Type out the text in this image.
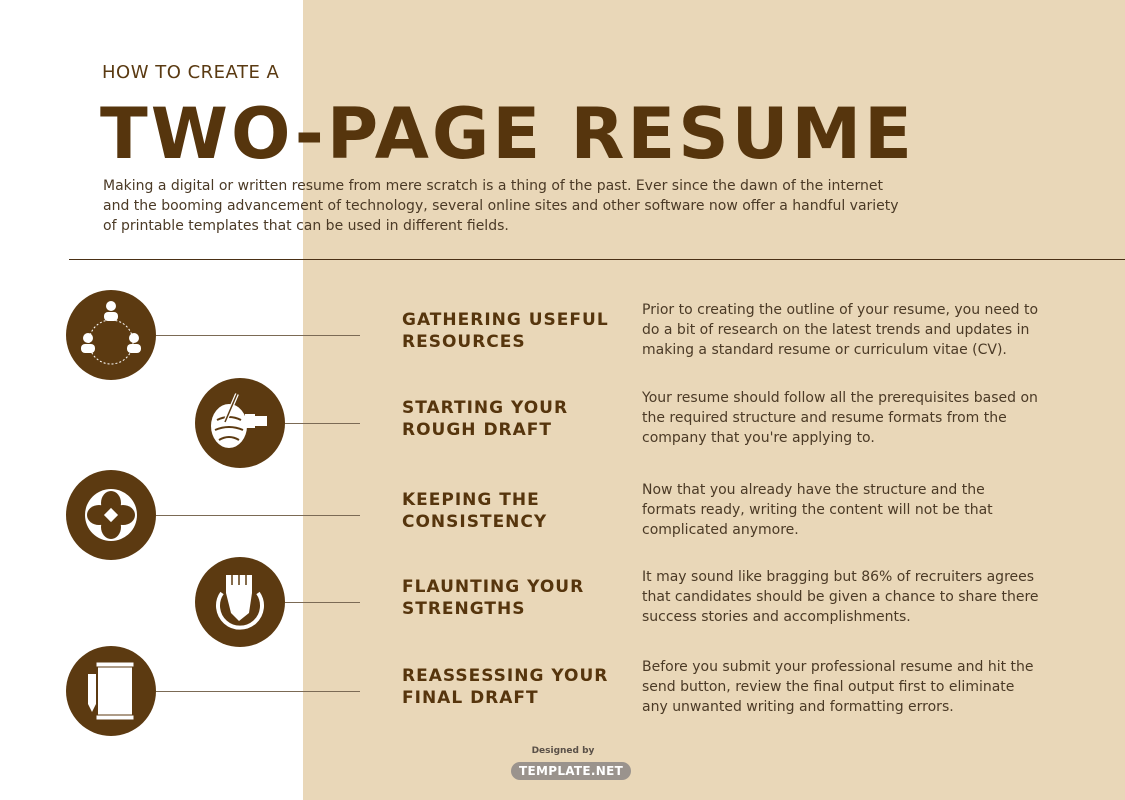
HOW TO CREATE A
TWO-PAGE RESUME
Making a digital or written resume from mere scratch is a thing of the past. Ever since the dawn of the internet and the booming advancement of technology, several online sites and other software now offer a handful variety of printable templates that can be used in different fields.
GATHERING USEFUL
RESOURCES
Prior to creating the outline of your resume, you need to do a bit of research on the latest trends and updates in making a standard resume or curriculum vitae (CV).
STARTING YOUR
ROUGH DRAFT
Your resume should follow all the prerequisites based on the required structure and resume formats from the company that you're applying to.
KEEPING THE
CONSISTENCY
Now that you already have the structure and the formats ready, writing the content will not be that complicated anymore.
FLAUNTING YOUR
STRENGTHS
It may sound like bragging but 86% of recruiters agrees that candidates should be given a chance to share there success stories and accomplishments.
REASSESSING YOUR
FINAL DRAFT
Before you submit your professional resume and hit the send button, review the final output first to eliminate any unwanted writing and formatting errors.
Designed by
TEMPLATE.NET
